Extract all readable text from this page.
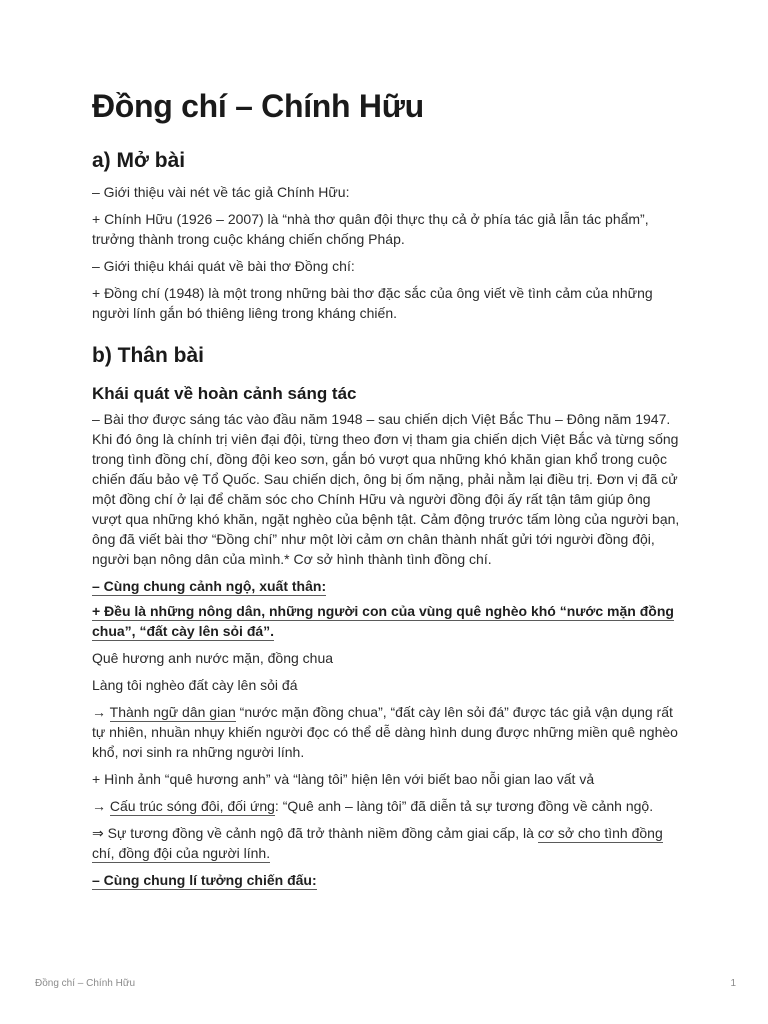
Đồng chí – Chính Hữu
a) Mở bài

– Giới thiệu vài nét về tác giả Chính Hữu:

+ Chính Hữu (1926 – 2007) là “nhà thơ quân đội thực thụ cả ở phía tác giả lẫn tác phẩm”, trưởng thành trong cuộc kháng chiến chống Pháp.

– Giới thiệu khái quát về bài thơ Đồng chí:

+ Đồng chí (1948) là một trong những bài thơ đặc sắc của ông viết về tình cảm của những người lính gắn bó thiêng liêng trong kháng chiến.

b) Thân bài
Khái quát về hoàn cảnh sáng tác

– Bài thơ được sáng tác vào đầu năm 1948 – sau chiến dịch Việt Bắc Thu – Đông năm 1947. Khi đó ông là chính trị viên đại đội, từng theo đơn vị tham gia chiến dịch Việt Bắc và từng sống trong tình đồng chí, đồng đội keo sơn, gắn bó vượt qua những khó khăn gian khổ trong cuộc chiến đấu bảo vệ Tổ Quốc. Sau chiến dịch, ông bị ốm nặng, phải nằm lại điều trị. Đơn vị đã cử một đồng chí ở lại để chăm sóc cho Chính Hữu và người đồng đội ấy rất tận tâm giúp ông vượt qua những khó khăn, ngặt nghèo của bệnh tật. Cảm động trước tấm lòng của người bạn, ông đã viết bài thơ “Đồng chí” như một lời cảm ơn chân thành nhất gửi tới người đồng đội, người bạn nông dân của mình.* Cơ sở hình thành tình đồng chí.

– Cùng chung cảnh ngộ, xuất thân:

+ Đều là những nông dân, những người con của vùng quê nghèo khó “nước mặn đồng chua”, “đất cày lên sỏi đá”.

Quê hương anh nước mặn, đồng chua

Làng tôi nghèo đất cày lên sỏi đá

→ Thành ngữ dân gian “nước mặn đồng chua”, “đất cày lên sỏi đá” được tác giả vận dụng rất tự nhiên, nhuần nhụy khiến người đọc có thể dễ dàng hình dung được những miền quê nghèo khổ, nơi sinh ra những người lính.

+ Hình ảnh “quê hương anh” và “làng tôi” hiện lên với biết bao nỗi gian lao vất vả

→ Cấu trúc sóng đôi, đối ứng: “Quê anh – làng tôi” đã diễn tả sự tương đồng về cảnh ngộ.

⇒ Sự tương đồng về cảnh ngộ đã trở thành niềm đồng cảm giai cấp, là cơ sở cho tình đồng chí, đồng đội của người lính.

– Cùng chung lí tưởng chiến đấu:

Đồng chí – Chính Hữu	1
